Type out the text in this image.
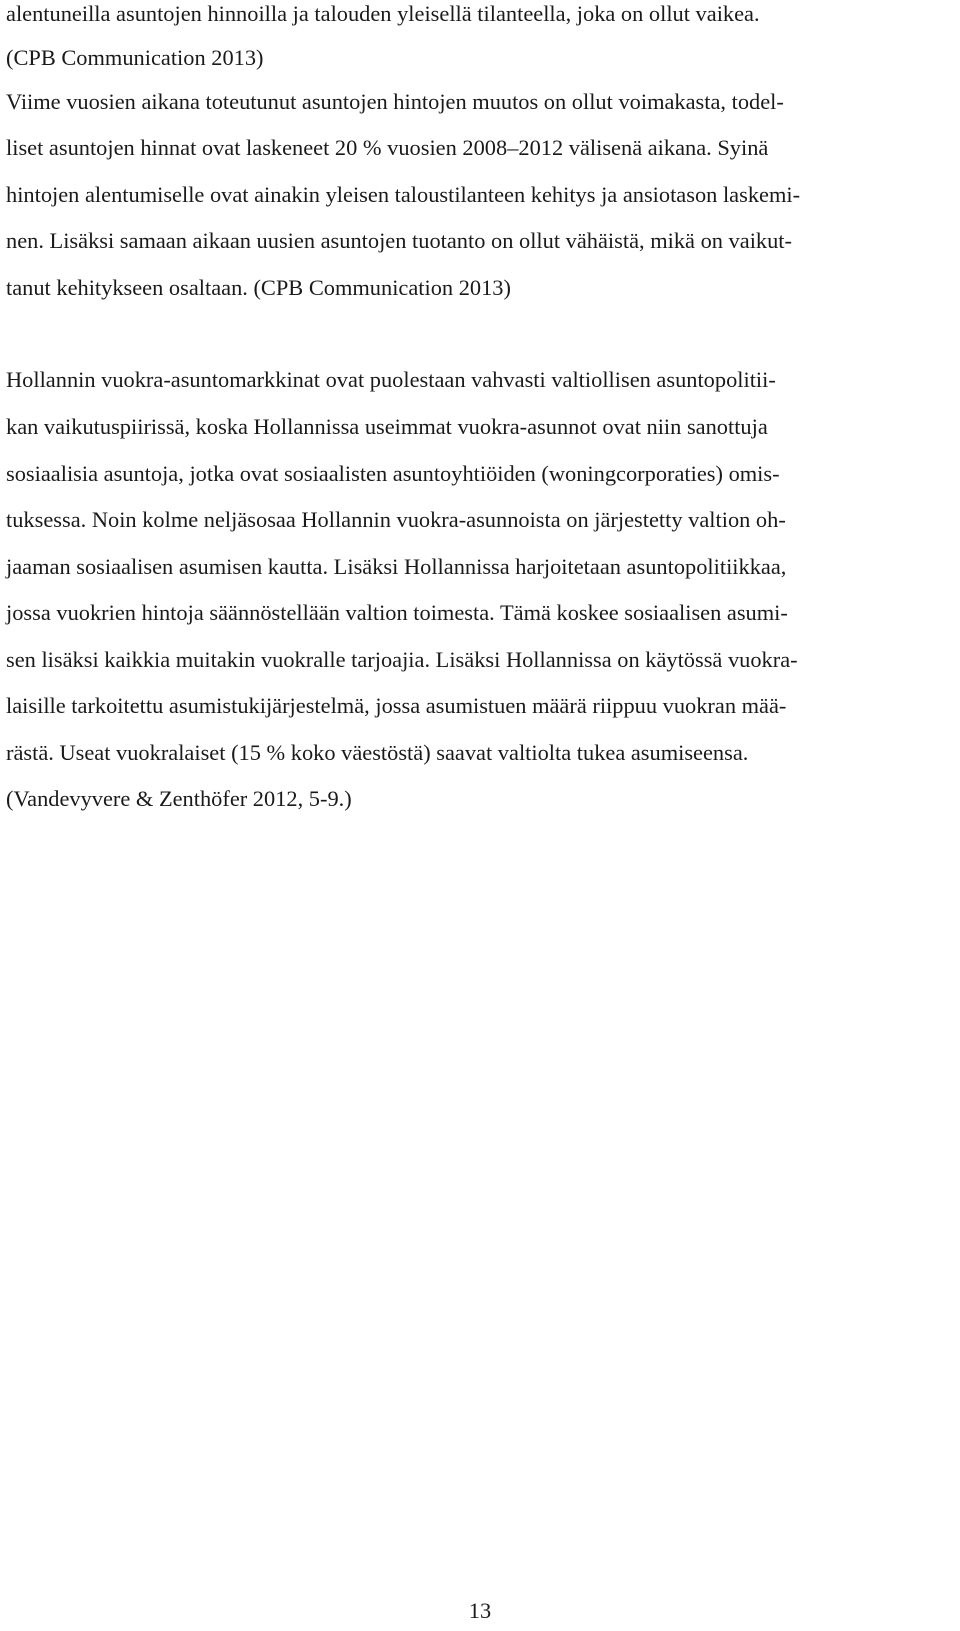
alentuneilla asuntojen hinnoilla ja talouden yleisellä tilanteella, joka on ollut vaikea.
(CPB Communication 2013)
Viime vuosien aikana toteutunut asuntojen hintojen muutos on ollut voimakasta, todel-
liset asuntojen hinnat ovat laskeneet 20 % vuosien 2008–2012 välisenä aikana. Syinä
hintojen alentumiselle ovat ainakin yleisen taloustilanteen kehitys ja ansiotason laskemi-
nen. Lisäksi samaan aikaan uusien asuntojen tuotanto on ollut vähäistä, mikä on vaikut-
tanut kehitykseen osaltaan. (CPB Communication 2013)
Hollannin vuokra-asuntomarkkinat ovat puolestaan vahvasti valtiollisen asuntopolitii-
kan vaikutuspiirissä, koska Hollannissa useimmat vuokra-asunnot ovat niin sanottuja
sosiaalisia asuntoja, jotka ovat sosiaalisten asuntoyhtiöiden (woningcorporaties) omis-
tuksessa. Noin kolme neljäsosaa Hollannin vuokra-asunnoista on järjestetty valtion oh-
jaaman sosiaalisen asumisen kautta. Lisäksi Hollannissa harjoitetaan asuntopolitiikkaa,
jossa vuokrien hintoja säännöstellään valtion toimesta. Tämä koskee sosiaalisen asumi-
sen lisäksi kaikkia muitakin vuokralle tarjoajia. Lisäksi Hollannissa on käytössä vuokra-
laisille tarkoitettu asumistukijärjestelmä, jossa asumistuen määrä riippuu vuokran mää-
rästä. Useat vuokralaiset (15 % koko väestöstä) saavat valtiolta tukea asumiseensa.
(Vandevyvere & Zenthöfer 2012, 5-9.)
13
